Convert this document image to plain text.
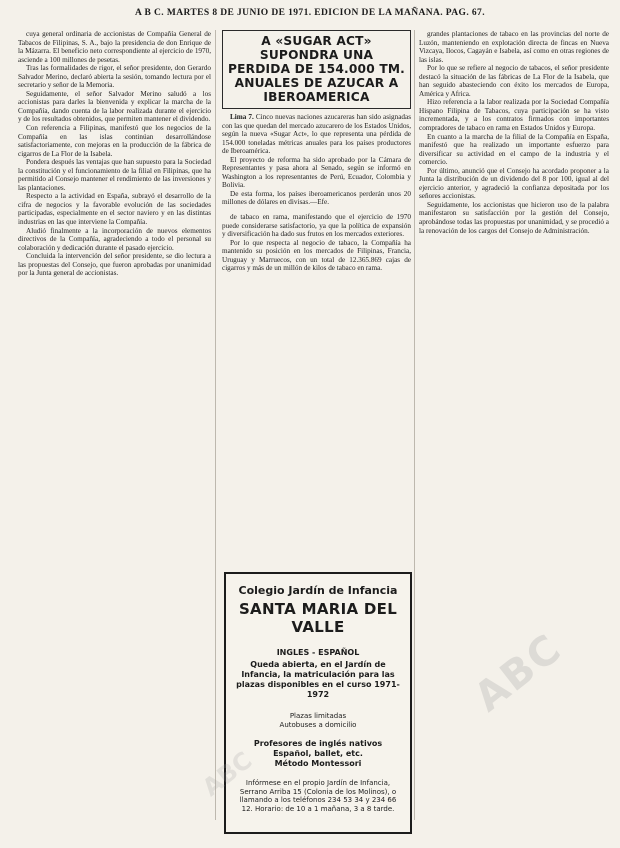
A B C. MARTES 8 DE JUNIO DE 1971. EDICION DE LA MAÑANA. PAG. 67.

cuya general ordinaria de accionistas de Compañía General de Tabacos de Filipinas, S. A., bajo la presidencia de don Enrique de la Mázarra. El beneficio neto correspondiente al ejercicio de 1970, asciende a 100 millones de pesetas.

Tras las formalidades de rigor, el señor presidente, don Gerardo Salvador Merino, declaró abierta la sesión, tomando lectura por el secretario y señor de la Memoria.

Seguidamente, el señor Salvador Merino saludó a los accionistas para darles la bienvenida y explicar la marcha de la Compañía, dando cuenta de la labor realizada durante el ejercicio y de los resultados obtenidos, que permiten mantener el dividendo.

Con referencia a Filipinas, manifestó que los negocios de la Compañía en las islas continúan desarrollándose satisfactoriamente, con mejoras en la producción de la fábrica de cigarros de La Flor de la Isabela.

Pondera después las ventajas que han supuesto para la Sociedad la constitución y el funcionamiento de la filial en Filipinas, que ha permitido al Consejo mantener el rendimiento de las inversiones y las plantaciones.

Respecto a la actividad en España, subrayó el desarrollo de la cifra de negocios y la favorable evolución de las sociedades participadas, especialmente en el sector naviero y en las distintas industrias en las que interviene la Compañía.

Aludió finalmente a la incorporación de nuevos elementos directivos de la Compañía, agradeciendo a todo el personal su colaboración y dedicación durante el pasado ejercicio.

Concluida la intervención del señor presidente, se dio lectura a las propuestas del Consejo, que fueron aprobadas por unanimidad por la Junta general de accionistas.

A «SUGAR ACT» SUPONDRA UNA PERDIDA DE 154.000 TM. ANUALES DE AZUCAR A IBEROAMERICA

Lima 7. Cinco nuevas naciones azucareras han sido asignadas con las que quedan del mercado azucarero de los Estados Unidos, según la nueva «Sugar Act», lo que representa una pérdida de 154.000 toneladas métricas anuales para los países productores de Iberoamérica.

El proyecto de reforma ha sido aprobado por la Cámara de Representantes y pasa ahora al Senado, según se informó en Washington a los representantes de Perú, Ecuador, Colombia y Bolivia.

De esta forma, los países iberoamericanos perderán unos 20 millones de dólares en divisas.—Efe.

de tabaco en rama, manifestando que el ejercicio de 1970 puede considerarse satisfactorio, ya que la política de expansión y diversificación ha dado sus frutos en los mercados exteriores.

Por lo que respecta al negocio de tabaco, la Compañía ha mantenido su posición en los mercados de Filipinas, Francia, Uruguay y Marruecos, con un total de 12.365.869 cajas de cigarros y más de un millón de kilos de tabaco en rama.

Colegio Jardín de Infancia
SANTA MARIA DEL VALLE
INGLES - ESPAÑOL
Queda abierta, en el Jardín de Infancia, la matriculación para las plazas disponibles en el curso 1971-1972
Plazas limitadas
Autobuses a domicilio
Profesores de inglés nativos
Español, ballet, etc.
Método Montessori
Infórmese en el propio Jardín de Infancia, Serrano Arriba 15 (Colonia de los Molinos), o llamando a los teléfonos 234 53 34 y 234 66 12. Horario: de 10 a 1 mañana, 3 a 8 tarde.

grandes plantaciones de tabaco en las provincias del norte de Luzón, manteniendo en explotación directa de fincas en Nueva Vizcaya, Ilocos, Cagayán e Isabela, así como en otras regiones de las islas.

Por lo que se refiere al negocio de tabacos, el señor presidente destacó la situación de las fábricas de La Flor de la Isabela, que han seguido abasteciendo con éxito los mercados de Europa, América y Africa.

Hizo referencia a la labor realizada por la Sociedad Compañía Hispano Filipina de Tabacos, cuya participación se ha visto incrementada, y a los contratos firmados con importantes compradores de tabaco en rama en Estados Unidos y Europa.

En cuanto a la marcha de la filial de la Compañía en España, manifestó que ha realizado un importante esfuerzo para diversificar su actividad en el campo de la industria y el comercio.

Por último, anunció que el Consejo ha acordado proponer a la Junta la distribución de un dividendo del 8 por 100, igual al del ejercicio anterior, y agradeció la confianza depositada por los señores accionistas.

Seguidamente, los accionistas que hicieron uso de la palabra manifestaron su satisfacción por la gestión del Consejo, aprobándose todas las propuestas por unanimidad, y se procedió a la renovación de los cargos del Consejo de Administración.

ABC
ABC
